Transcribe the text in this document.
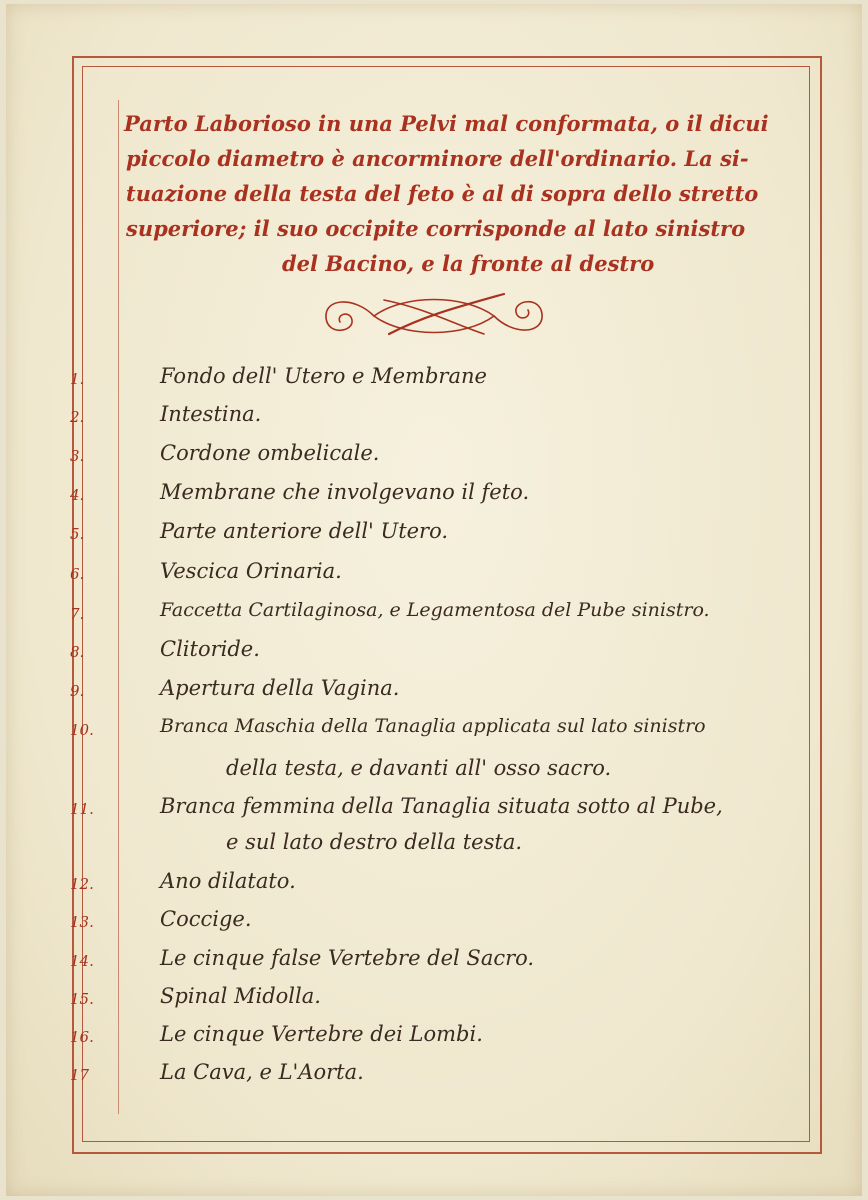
Parto Laborioso in una Pelvi mal conformata, o il dicui
piccolo diametro è ancorminore dell'ordinario. La si-
tuazione della testa del feto è al di sopra dello stretto
superiore; il suo occipite corrisponde al lato sinistro
del Bacino, e la fronte al destro
1.	Fondo dell' Utero e Membrane
2.	Intestina.
3.	Cordone ombelicale.
4.	Membrane che involgevano il feto.
5.	Parte anteriore dell' Utero.
6.	Vescica Orinaria.
7.	Faccetta Cartilaginosa, e Legamentosa del Pube sinistro.
8.	Clitoride.
9.	Apertura della Vagina.
10.	Branca Maschia della Tanaglia applicata sul lato sinistro
della testa, e davanti all' osso sacro.
11.	Branca femmina della Tanaglia situata sotto al Pube,
e sul lato destro della testa.
12.	Ano dilatato.
13.	Coccige.
14.	Le cinque false Vertebre del Sacro.
15.	Spinal Midolla.
16.	Le cinque Vertebre dei Lombi.
17	La Cava, e L'Aorta.
